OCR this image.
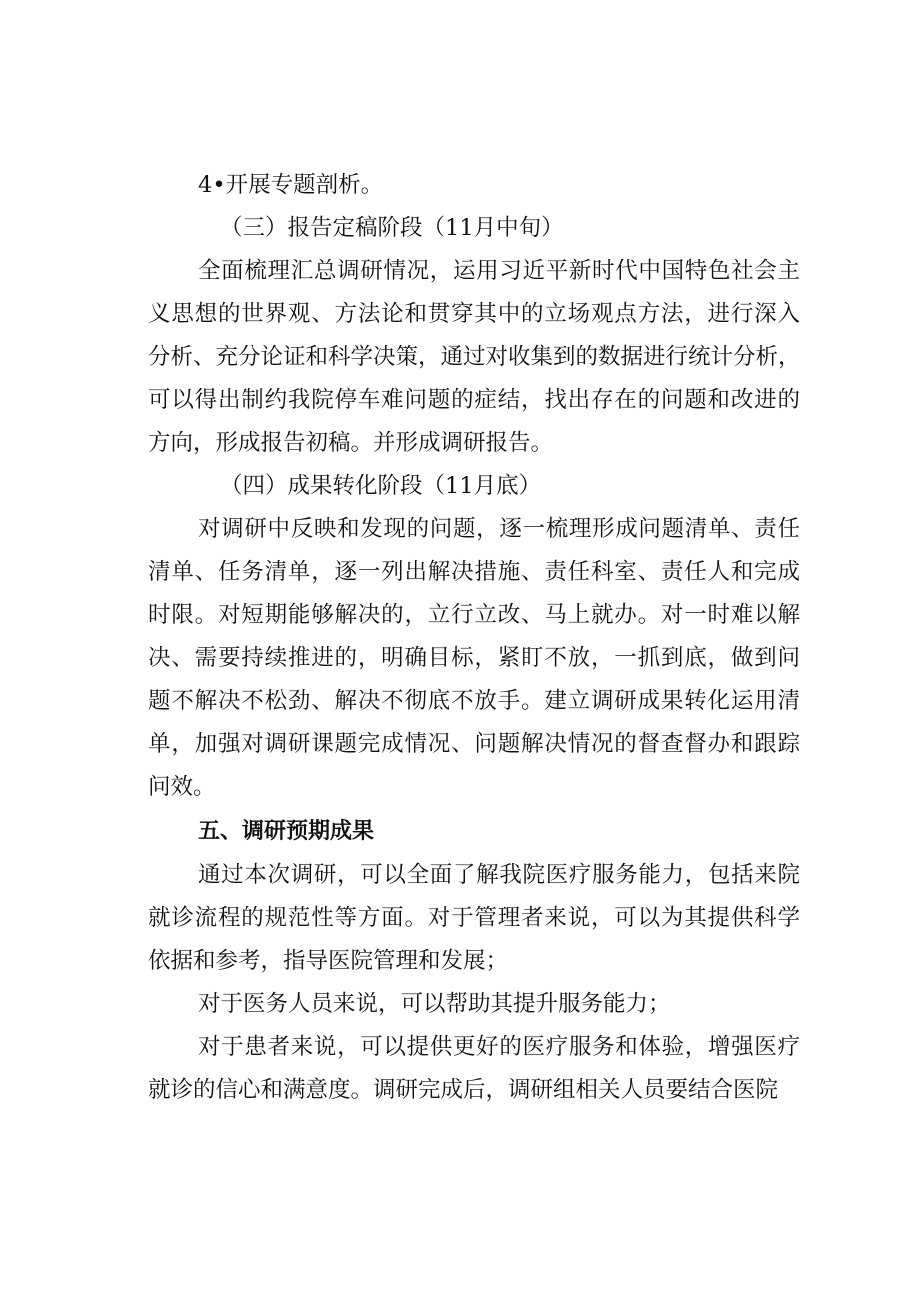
4•开展专题剖析。
（三）报告定稿阶段（11月中旬）
全面梳理汇总调研情况，运用习近平新时代中国特色社会主
义思想的世界观、方法论和贯穿其中的立场观点方法，进行深入
分析、充分论证和科学决策，通过对收集到的数据进行统计分析，
可以得出制约我院停车难问题的症结，找出存在的问题和改进的
方向，形成报告初稿。并形成调研报告。
（四）成果转化阶段（11月底）
对调研中反映和发现的问题，逐一梳理形成问题清单、责任
清单、任务清单，逐一列出解决措施、责任科室、责任人和完成
时限。对短期能够解决的，立行立改、马上就办。对一时难以解
决、需要持续推进的，明确目标，紧盯不放，一抓到底，做到问
题不解决不松劲、解决不彻底不放手。建立调研成果转化运用清
单，加强对调研课题完成情况、问题解决情况的督查督办和跟踪
问效。
五、调研预期成果
通过本次调研，可以全面了解我院医疗服务能力，包括来院
就诊流程的规范性等方面。对于管理者来说，可以为其提供科学
依据和参考，指导医院管理和发展；
对于医务人员来说，可以帮助其提升服务能力；
对于患者来说，可以提供更好的医疗服务和体验，增强医疗
就诊的信心和满意度。调研完成后，调研组相关人员要结合医院
